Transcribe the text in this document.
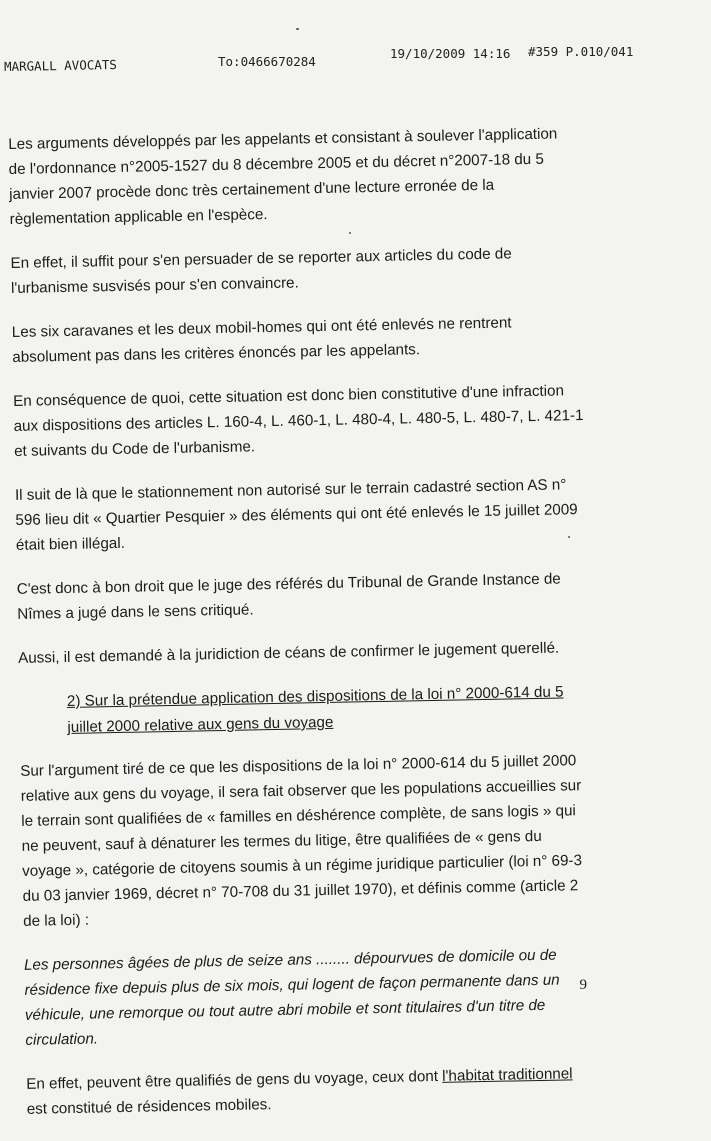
MARGALL AVOCATS	To:0466670284
19/10/2009 14:16 #359 P.010/041

Les arguments développés par les appelants et consistant à soulever l'application de l'ordonnance n°2005-1527 du 8 décembre 2005 et du décret n°2007-18 du 5 janvier 2007 procède donc très certainement d'une lecture erronée de la règlementation applicable en l'espèce.

En effet, il suffit pour s'en persuader de se reporter aux articles du code de l'urbanisme susvisés pour s'en convaincre.

Les six caravanes et les deux mobil-homes qui ont été enlevés ne rentrent absolument pas dans les critères énoncés par les appelants.

En conséquence de quoi, cette situation est donc bien constitutive d'une infraction aux dispositions des articles L. 160-4, L. 460-1, L. 480-4, L. 480-5, L. 480-7, L. 421-1 et suivants du Code de l'urbanisme.

Il suit de là que le stationnement non autorisé sur le terrain cadastré section AS n° 596 lieu dit « Quartier Pesquier » des éléments qui ont été enlevés le 15 juillet 2009 était bien illégal.

C'est donc à bon droit que le juge des référés du Tribunal de Grande Instance de Nîmes a jugé dans le sens critiqué.

Aussi, il est demandé à la juridiction de céans de confirmer le jugement querellé.

2) Sur la prétendue application des dispositions de la loi n° 2000-614 du 5 juillet 2000 relative aux gens du voyage

Sur l'argument tiré de ce que les dispositions de la loi n° 2000-614 du 5 juillet 2000 relative aux gens du voyage, il sera fait observer que les populations accueillies sur le terrain sont qualifiées de « familles en déshérence complète, de sans logis » qui ne peuvent, sauf à dénaturer les termes du litige, être qualifiées de « gens du voyage », catégorie de citoyens soumis à un régime juridique particulier (loi n° 69-3 du 03 janvier 1969, décret n° 70-708 du 31 juillet 1970), et définis comme (article 2 de la loi) :

Les personnes âgées de plus de seize ans ........ dépourvues de domicile ou de résidence fixe depuis plus de six mois, qui logent de façon permanente dans un véhicule, une remorque ou tout autre abri mobile et sont titulaires d'un titre de circulation.

En effet, peuvent être qualifiés de gens du voyage, ceux dont l'habitat traditionnel est constitué de résidences mobiles.

9
